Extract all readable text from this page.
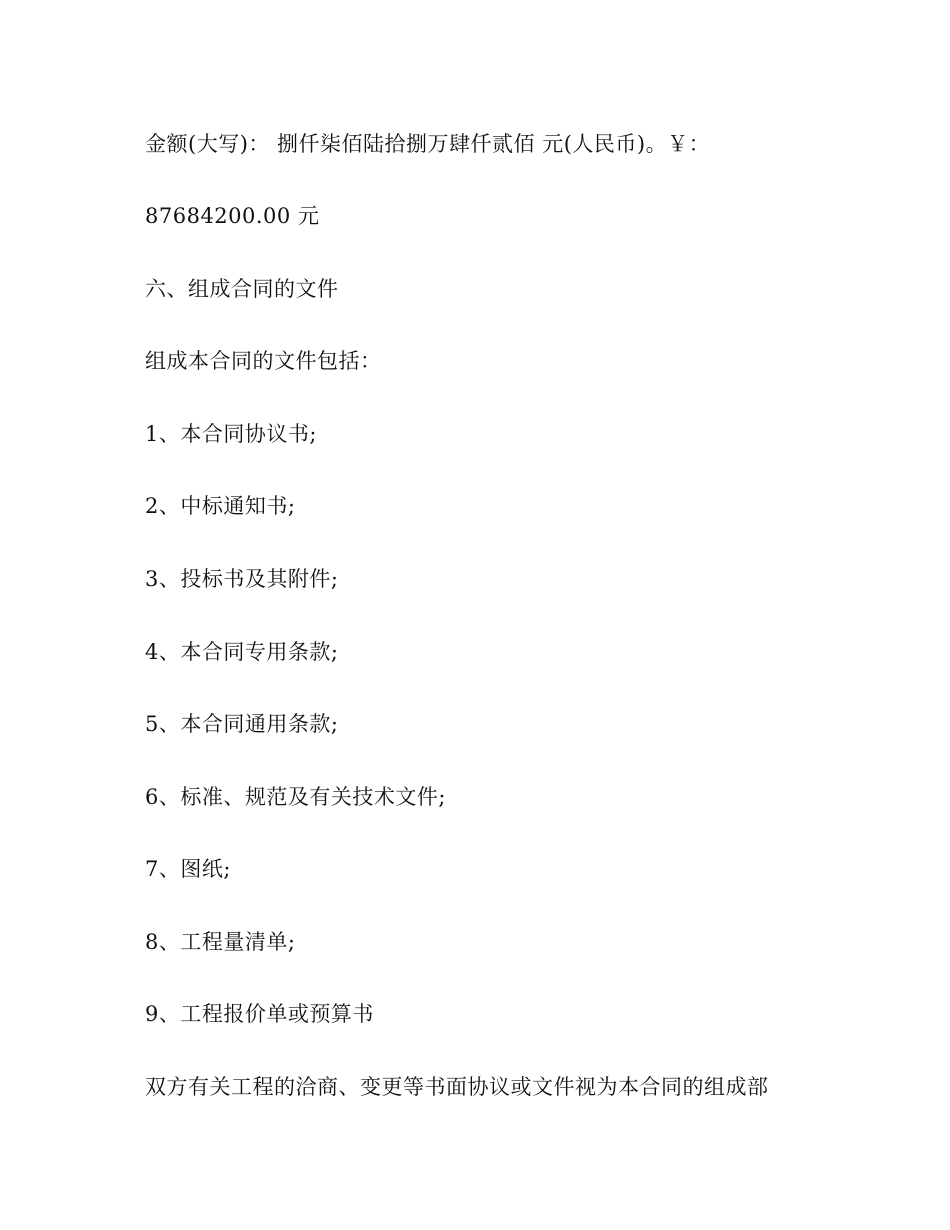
金额(大写)： 捌仟柒佰陆拾捌万肆仟贰佰 元(人民币)。￥：
87684200.00 元
六、组成合同的文件
组成本合同的文件包括：
1、本合同协议书;
2、中标通知书;
3、投标书及其附件;
4、本合同专用条款;
5、本合同通用条款;
6、标准、规范及有关技术文件;
7、图纸;
8、工程量清单;
9、工程报价单或预算书
双方有关工程的洽商、变更等书面协议或文件视为本合同的组成部
